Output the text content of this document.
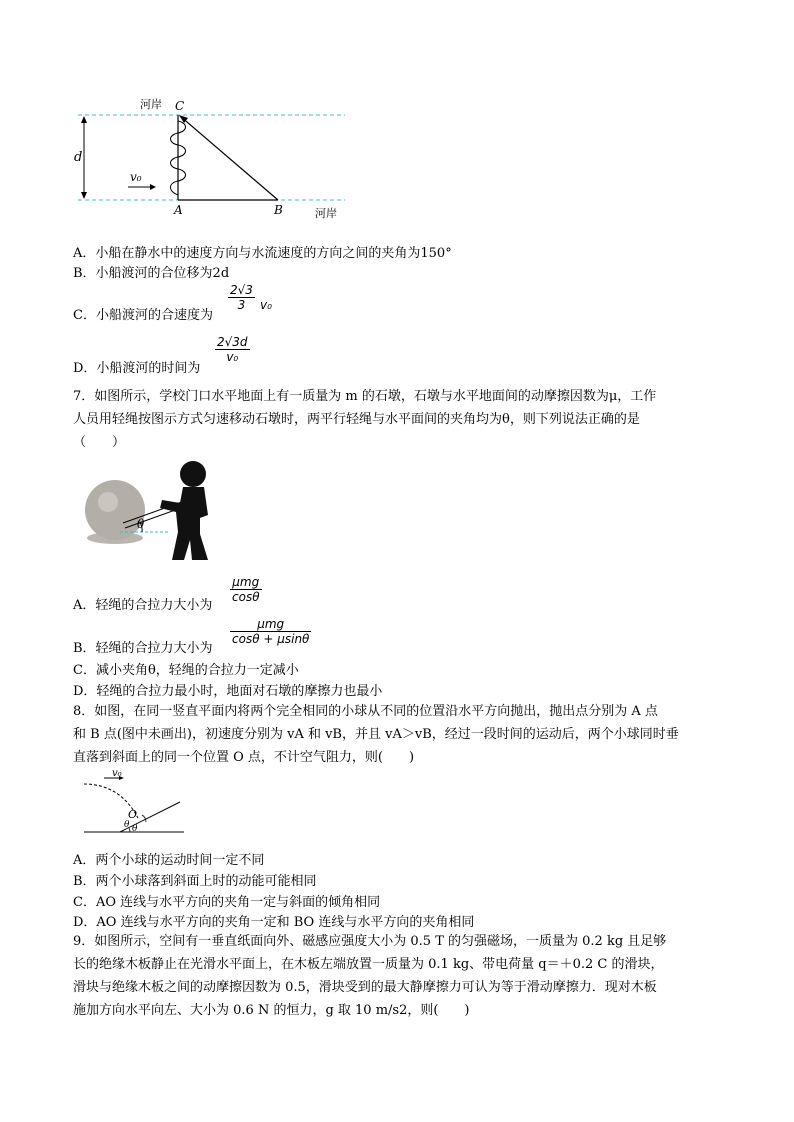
d
C
A	B
河岸
河岸
v₀
A．小船在静水中的速度方向与水流速度的方向之间的夹角为150°
B．小船渡河的合位移为2d
C．小船渡河的合速度为
2√3
3	v₀
D．小船渡河的时间为
2√3d
v₀
7．如图所示，学校门口水平地面上有一质量为 m 的石墩，石墩与水平地面间的动摩擦因数为μ，工作
人员用轻绳按图示方式匀速移动石墩时，两平行轻绳与水平面间的夹角均为θ，则下列说法正确的是
（　　）
θ
μmg
cosθ
A．轻绳的合拉力大小为
μmg
cosθ + μsinθ
B．轻绳的合拉力大小为
C．减小夹角θ，轻绳的合拉力一定减小
D．轻绳的合拉力最小时，地面对石墩的摩擦力也最小
8．如图，在同一竖直平面内将两个完全相同的小球从不同的位置沿水平方向抛出，抛出点分别为 A 点
和 B 点(图中未画出)，初速度分别为 vA 和 vB，并且 vA＞vB，经过一段时间的运动后，两个小球同时垂
直落到斜面上的同一个位置 O 点，不计空气阻力，则(　　)
v₀
O
θ θ
A．两个小球的运动时间一定不同
B．两个小球落到斜面上时的动能可能相同
C．AO 连线与水平方向的夹角一定与斜面的倾角相同
D．AO 连线与水平方向的夹角一定和 BO 连线与水平方向的夹角相同
9．如图所示，空间有一垂直纸面向外、磁感应强度大小为 0.5 T 的匀强磁场，一质量为 0.2 kg 且足够
长的绝缘木板静止在光滑水平面上，在木板左端放置一质量为 0.1 kg、带电荷量 q＝＋0.2 C 的滑块，
滑块与绝缘木板之间的动摩擦因数为 0.5，滑块受到的最大静摩擦力可认为等于滑动摩擦力．现对木板
施加方向水平向左、大小为 0.6 N 的恒力，g 取 10 m/s2，则(　　)
